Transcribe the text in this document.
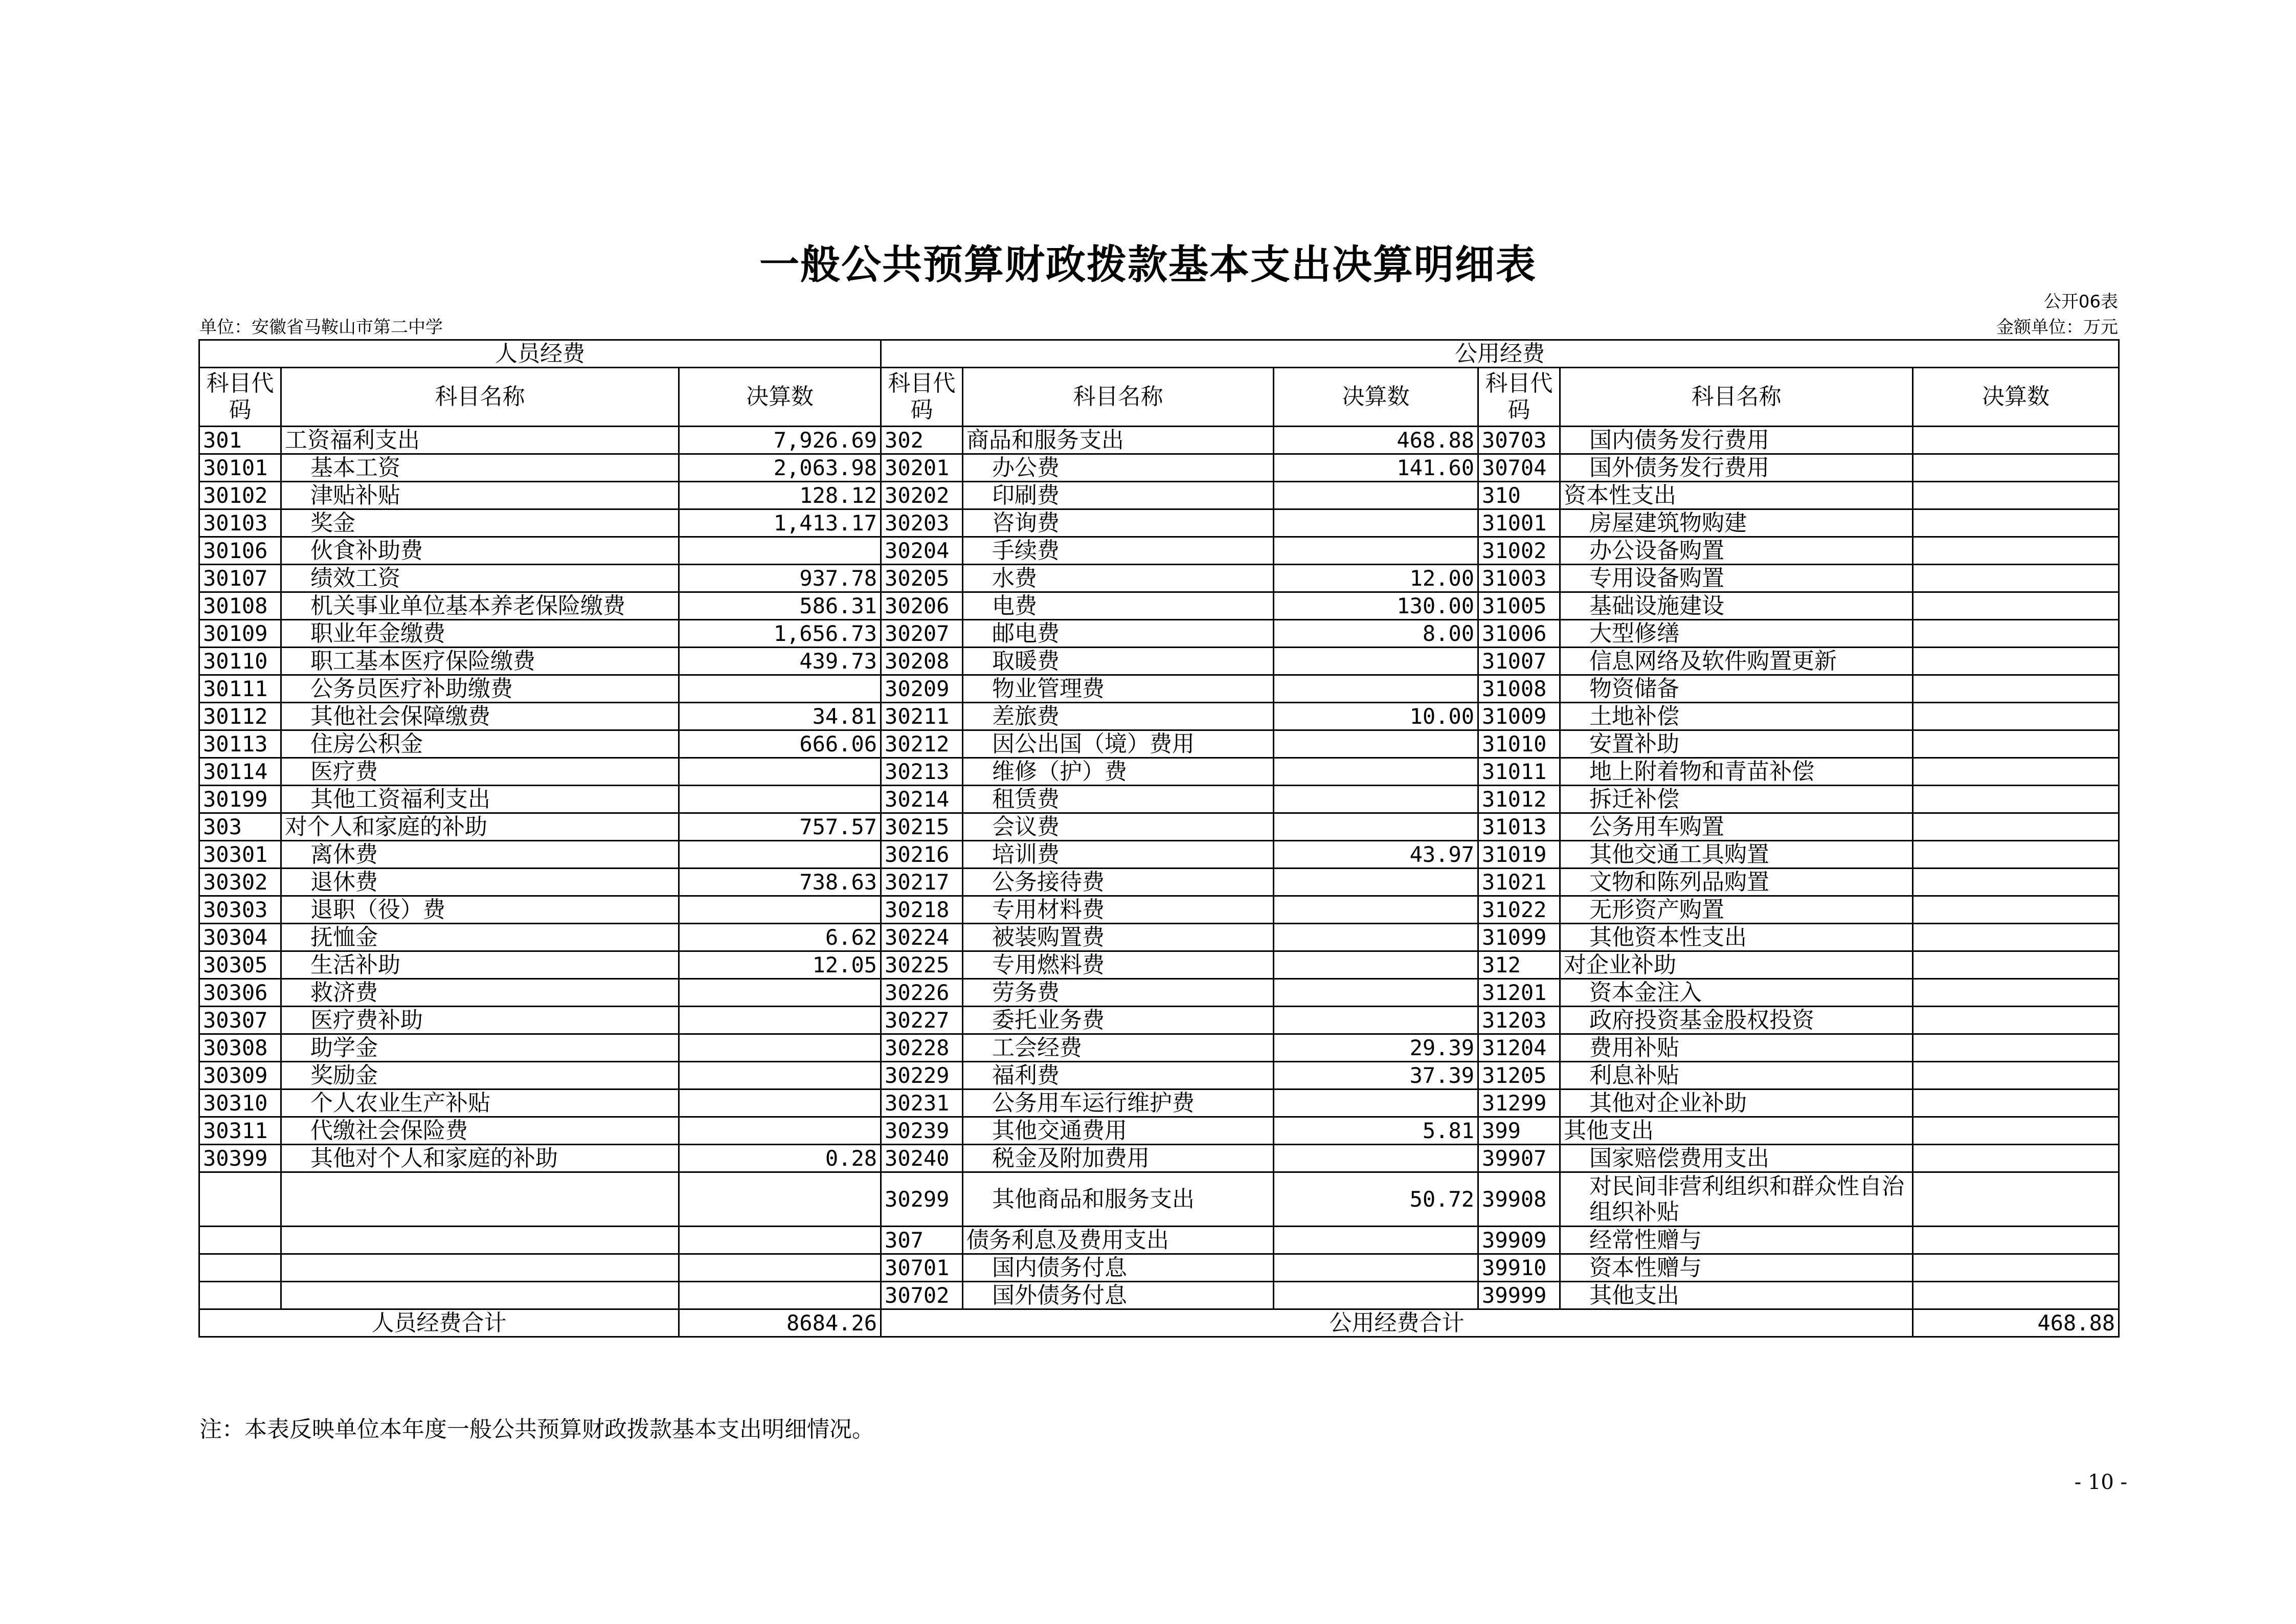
一般公共预算财政拨款基本支出决算明细表
公开06表
单位：安徽省马鞍山市第二中学	金额单位：万元
人员经费			公用经费					
科目代码	科目名称	决算数	科目代码	科目名称	决算数	科目代码	科目名称	决算数
301	工资福利支出	7,926.69	302	商品和服务支出	468.88	30703	国内债务发行费用	
30101	基本工资	2,063.98	30201	办公费	141.60	30704	国外债务发行费用	
30102	津贴补贴	128.12	30202	印刷费		310	资本性支出	
30103	奖金	1,413.17	30203	咨询费		31001	房屋建筑物购建	
30106	伙食补助费		30204	手续费		31002	办公设备购置	
30107	绩效工资	937.78	30205	水费	12.00	31003	专用设备购置	
30108	机关事业单位基本养老保险缴费	586.31	30206	电费	130.00	31005	基础设施建设	
30109	职业年金缴费	1,656.73	30207	邮电费	8.00	31006	大型修缮	
30110	职工基本医疗保险缴费	439.73	30208	取暖费		31007	信息网络及软件购置更新	
30111	公务员医疗补助缴费		30209	物业管理费		31008	物资储备	
30112	其他社会保障缴费	34.81	30211	差旅费	10.00	31009	土地补偿	
30113	住房公积金	666.06	30212	因公出国（境）费用		31010	安置补助	
30114	医疗费		30213	维修（护）费		31011	地上附着物和青苗补偿	
30199	其他工资福利支出		30214	租赁费		31012	拆迁补偿	
303	对个人和家庭的补助	757.57	30215	会议费		31013	公务用车购置	
30301	离休费		30216	培训费	43.97	31019	其他交通工具购置	
30302	退休费	738.63	30217	公务接待费		31021	文物和陈列品购置	
30303	退职（役）费		30218	专用材料费		31022	无形资产购置	
30304	抚恤金	6.62	30224	被装购置费		31099	其他资本性支出	
30305	生活补助	12.05	30225	专用燃料费		312	对企业补助	
30306	救济费		30226	劳务费		31201	资本金注入	
30307	医疗费补助		30227	委托业务费		31203	政府投资基金股权投资	
30308	助学金		30228	工会经费	29.39	31204	费用补贴	
30309	奖励金		30229	福利费	37.39	31205	利息补贴	
30310	个人农业生产补贴		30231	公务用车运行维护费		31299	其他对企业补助	
30311	代缴社会保险费		30239	其他交通费用	5.81	399	其他支出	
30399	其他对个人和家庭的补助	0.28	30240	税金及附加费用		39907	国家赔偿费用支出	
			30299	其他商品和服务支出	50.72	39908	对民间非营利组织和群众性自治组织补贴	
			307	债务利息及费用支出		39909	经常性赠与	
			30701	国内债务付息		39910	资本性赠与	
			30702	国外债务付息		39999	其他支出	
人员经费合计		8684.26	公用经费合计					468.88
注：本表反映单位本年度一般公共预算财政拨款基本支出明细情况。
- 10 -
